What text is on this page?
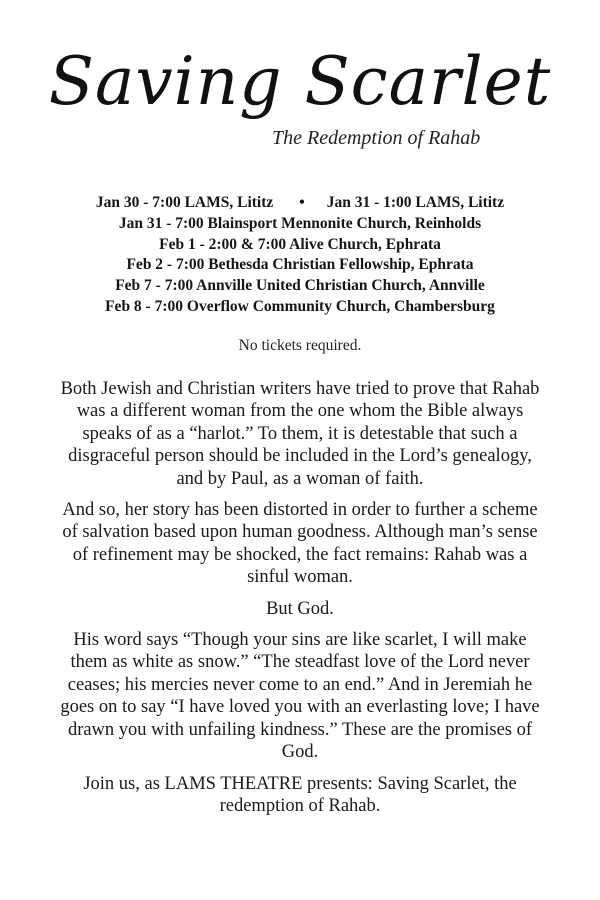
Saving Scarlet
The Redemption of Rahab
Jan 30 - 7:00 LAMS, Lititz • Jan 31 - 1:00 LAMS, Lititz
Jan 31 - 7:00 Blainsport Mennonite Church, Reinholds
Feb 1 - 2:00 & 7:00 Alive Church, Ephrata
Feb 2 - 7:00 Bethesda Christian Fellowship, Ephrata
Feb 7 - 7:00 Annville United Christian Church, Annville
Feb 8 - 7:00 Overflow Community Church, Chambersburg
No tickets required.

Both Jewish and Christian writers have tried to prove that Rahab was a different woman from the one whom the Bible always speaks of as a “harlot.” To them, it is detestable that such a disgraceful person should be included in the Lord’s genealogy, and by Paul, as a woman of faith.

And so, her story has been distorted in order to further a scheme of salvation based upon human goodness. Although man’s sense of refinement may be shocked, the fact remains: Rahab was a sinful woman.

But God.

His word says “Though your sins are like scarlet, I will make them as white as snow.” “The steadfast love of the Lord never ceases; his mercies never come to an end.” And in Jeremiah he goes on to say “I have loved you with an everlasting love; I have drawn you with unfailing kindness.” These are the promises of God.

Join us, as LAMS THEATRE presents: Saving Scarlet, the redemption of Rahab.
